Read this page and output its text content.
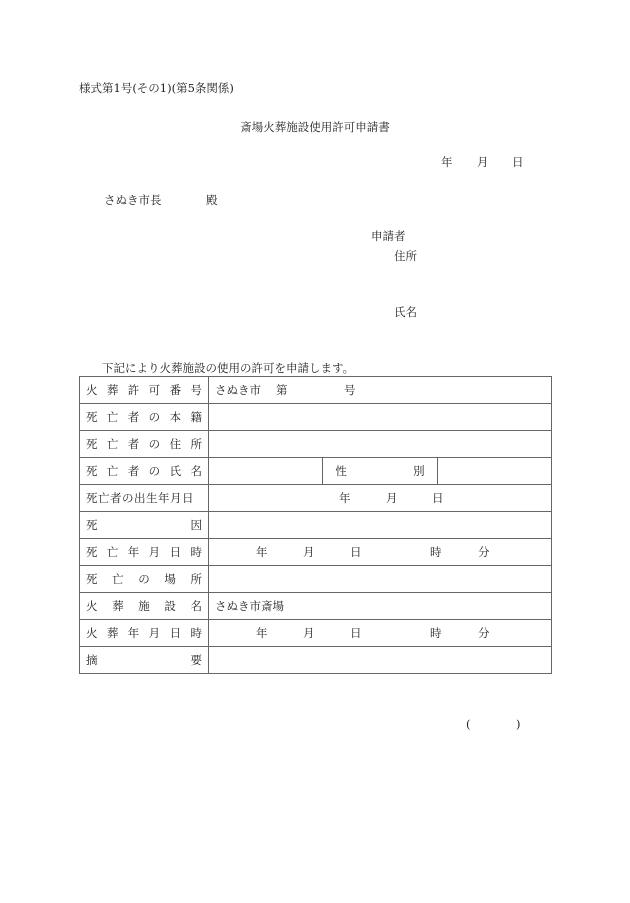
様式第1号(その1)(第5条関係)
斎場火葬施設使用許可申請書
年 月 日
さぬき市長	殿
申請者
住所
氏名
下記により火葬施設の使用の許可を申請します。
火 葬 許 可 番 号	さぬき市 第	号

死 亡 者 の 本 籍

死 亡 者 の 住 所

死 亡 者 の 氏 名		性	別

死亡者の出生年月日	年 月 日		

死 因			

死 亡 年 月 日 時	年	月	日	時	分

死 亡 の 場 所			

火 葬 施 設 名	さぬき市斎場		

火 葬 年 月 日 時	年	月	日	時	分

摘 要			

(	)
